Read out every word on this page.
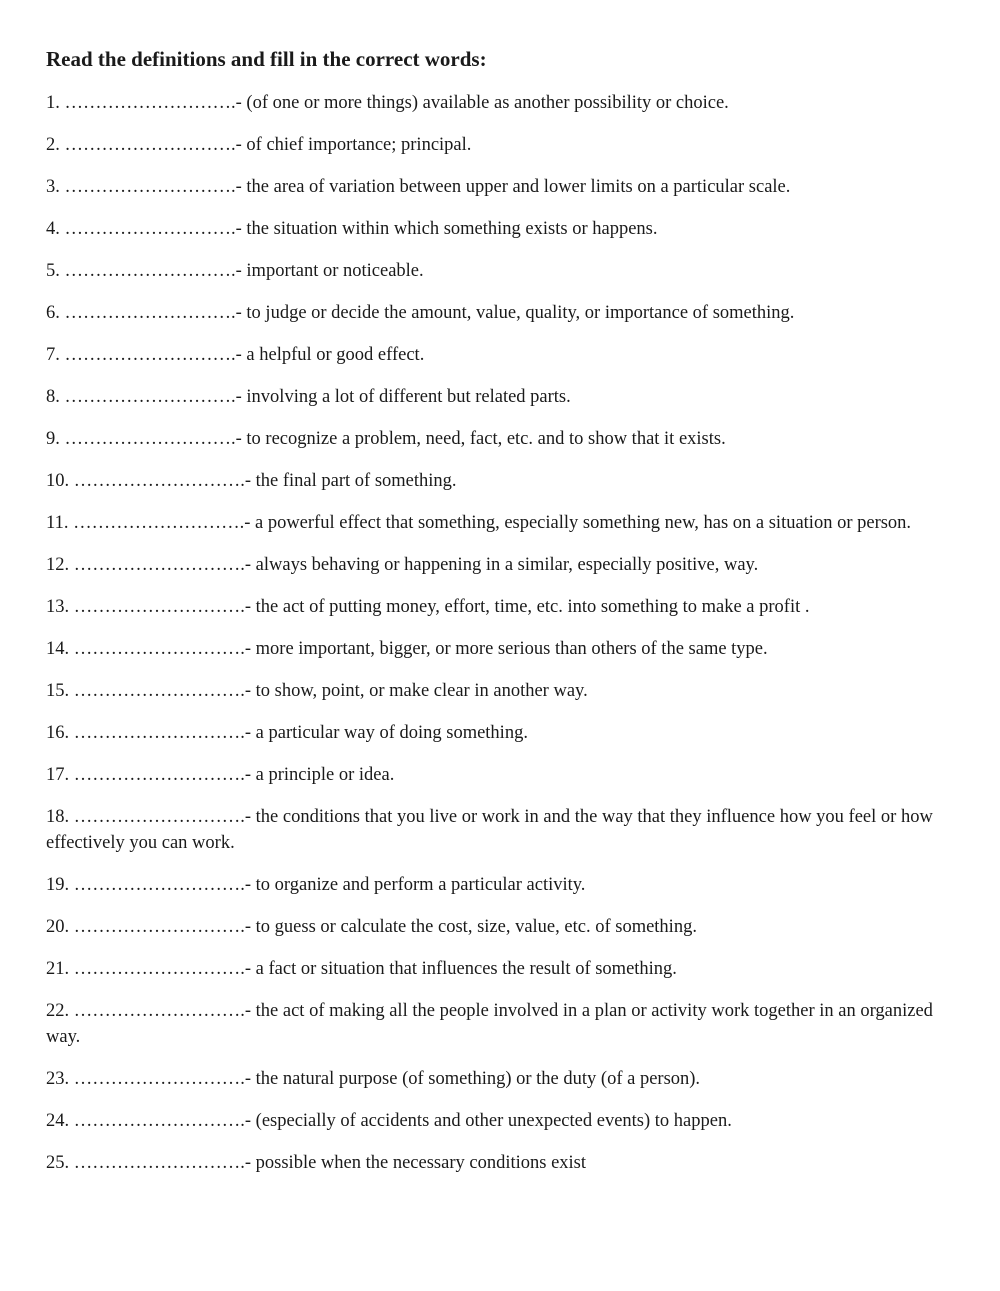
Read the definitions and fill in the correct words:
1. ……………………….- (of one or more things) available as another possibility or choice.
2. ……………………….- of chief importance; principal.
3. ……………………….- the area of variation between upper and lower limits on a particular scale.
4. ……………………….- the situation within which something exists or happens.
5. ……………………….- important or noticeable.
6. ……………………….- to judge or decide the amount, value, quality, or importance of something.
7. ……………………….- a helpful or good effect.
8. ……………………….- involving a lot of different but related parts.
9. ……………………….- to recognize a problem, need, fact, etc. and to show that it exists.
10. ……………………….- the final part of something.
11. ……………………….- a powerful effect that something, especially something new, has on a situation or person.
12. ……………………….- always behaving or happening in a similar, especially positive, way.
13. ……………………….- the act of putting money, effort, time, etc. into something to make a profit .
14. ……………………….- more important, bigger, or more serious than others of the same type.
15. ……………………….- to show, point, or make clear in another way.
16. ……………………….- a particular way of doing something.
17. ……………………….- a principle or idea.
18. ……………………….- the conditions that you live or work in and the way that they influence how you feel or how effectively you can work.
19. ……………………….- to organize and perform a particular activity.
20. ……………………….- to guess or calculate the cost, size, value, etc. of something.
21. ……………………….- a fact or situation that influences the result of something.
22. ……………………….- the act of making all the people involved in a plan or activity work together in an organized way.
23. ……………………….- the natural purpose (of something) or the duty (of a person).
24. ……………………….- (especially of accidents and other unexpected events) to happen.
25. ……………………….- possible when the necessary conditions exist
